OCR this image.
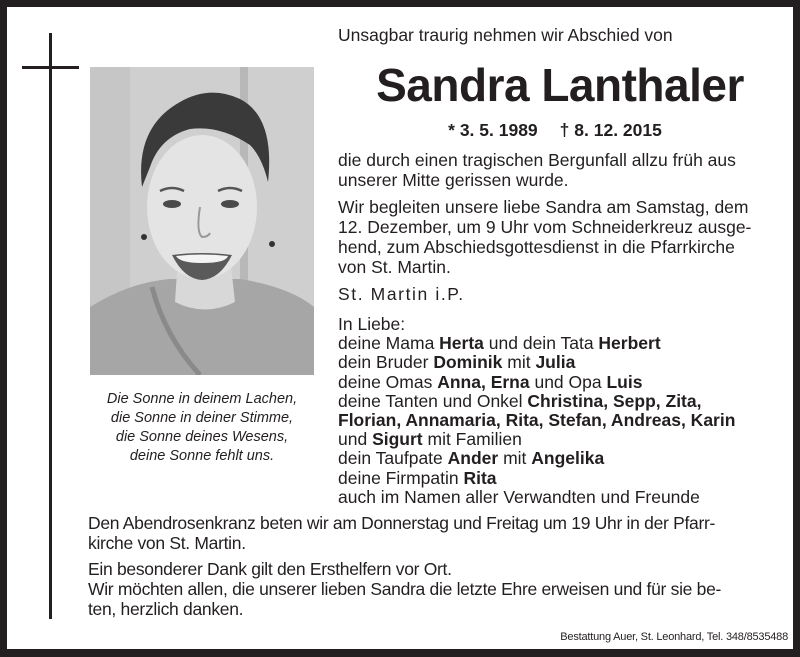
Die Sonne in deinem Lachen,
die Sonne in deiner Stimme,
die Sonne deines Wesens,
deine Sonne fehlt uns.
Unsagbar traurig nehmen wir Abschied von
Sandra Lanthaler
* 3. 5. 1989 † 8. 12. 2015
die durch einen tragischen Bergunfall allzu früh aus
unserer Mitte gerissen wurde.
Wir begleiten unsere liebe Sandra am Samstag, dem
12. Dezember, um 9 Uhr vom Schneiderkreuz ausge-
hend, zum Abschiedsgottesdienst in die Pfarrkirche
von St. Martin.
St. Martin i.P.
In Liebe:
deine Mama Herta und dein Tata Herbert
dein Bruder Dominik mit Julia
deine Omas Anna, Erna und Opa Luis
deine Tanten und Onkel Christina, Sepp, Zita,
Florian, Annamaria, Rita, Stefan, Andreas, Karin
und Sigurt mit Familien
dein Taufpate Ander mit Angelika
deine Firmpatin Rita
auch im Namen aller Verwandten und Freunde
Den Abendrosenkranz beten wir am Donnerstag und Freitag um 19 Uhr in der Pfarr-
kirche von St. Martin.
Ein besonderer Dank gilt den Ersthelfern vor Ort.
Wir möchten allen, die unserer lieben Sandra die letzte Ehre erweisen und für sie be-
ten, herzlich danken.
Bestattung Auer, St. Leonhard, Tel. 348/8535488
